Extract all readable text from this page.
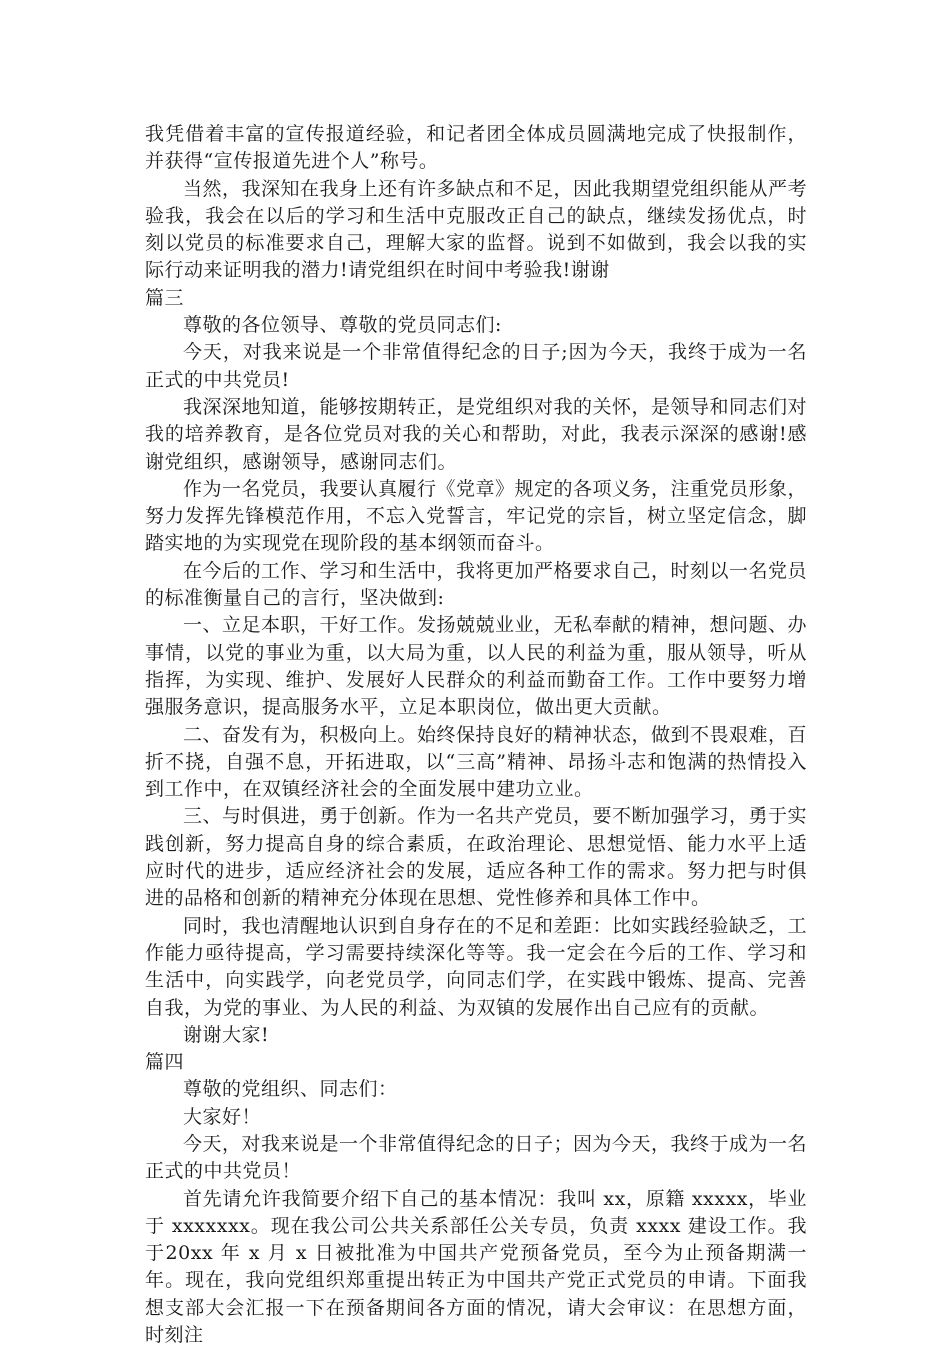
我凭借着丰富的宣传报道经验，和记者团全体成员圆满地完成了快报制作，并获得“宣传报道先进个人”称号。

当然，我深知在我身上还有许多缺点和不足，因此我期望党组织能从严考验我，我会在以后的学习和生活中克服改正自己的缺点，继续发扬优点，时刻以党员的标准要求自己，理解大家的监督。说到不如做到，我会以我的实际行动来证明我的潜力!请党组织在时间中考验我!谢谢

篇三

尊敬的各位领导、尊敬的党员同志们:

今天，对我来说是一个非常值得纪念的日子;因为今天，我终于成为一名正式的中共党员!

我深深地知道，能够按期转正，是党组织对我的关怀，是领导和同志们对我的培养教育，是各位党员对我的关心和帮助，对此，我表示深深的感谢!感谢党组织，感谢领导，感谢同志们。

作为一名党员，我要认真履行《党章》规定的各项义务，注重党员形象，努力发挥先锋模范作用，不忘入党誓言，牢记党的宗旨，树立坚定信念，脚踏实地的为实现党在现阶段的基本纲领而奋斗。

在今后的工作、学习和生活中，我将更加严格要求自己，时刻以一名党员的标准衡量自己的言行，坚决做到:

一、立足本职，干好工作。发扬兢兢业业，无私奉献的精神，想问题、办事情，以党的事业为重，以大局为重，以人民的利益为重，服从领导，听从指挥，为实现、维护、发展好人民群众的利益而勤奋工作。工作中要努力增强服务意识，提高服务水平，立足本职岗位，做出更大贡献。

二、奋发有为，积极向上。始终保持良好的精神状态，做到不畏艰难，百折不挠，自强不息，开拓进取，以“三高”精神、昂扬斗志和饱满的热情投入到工作中，在双镇经济社会的全面发展中建功立业。

三、与时俱进，勇于创新。作为一名共产党员，要不断加强学习，勇于实践创新，努力提高自身的综合素质，在政治理论、思想觉悟、能力水平上适应时代的进步，适应经济社会的发展，适应各种工作的需求。努力把与时俱进的品格和创新的精神充分体现在思想、党性修养和具体工作中。

同时，我也清醒地认识到自身存在的不足和差距：比如实践经验缺乏，工作能力亟待提高，学习需要持续深化等等。我一定会在今后的工作、学习和生活中，向实践学，向老党员学，向同志们学，在实践中锻炼、提高、完善自我，为党的事业、为人民的利益、为双镇的发展作出自己应有的贡献。

谢谢大家!

篇四

尊敬的党组织、同志们：

大家好！

今天，对我来说是一个非常值得纪念的日子；因为今天，我终于成为一名正式的中共党员！

首先请允许我简要介绍下自己的基本情况：我叫 xx，原籍 xxxxx，毕业于 xxxxxxx。现在我公司公共关系部任公关专员，负责 xxxx 建设工作。我于20xx 年 x 月 x 日被批准为中国共产党预备党员，至今为止预备期满一年。现在，我向党组织郑重提出转正为中国共产党正式党员的申请。下面我想支部大会汇报一下在预备期间各方面的情况，请大会审议：在思想方面，时刻注
